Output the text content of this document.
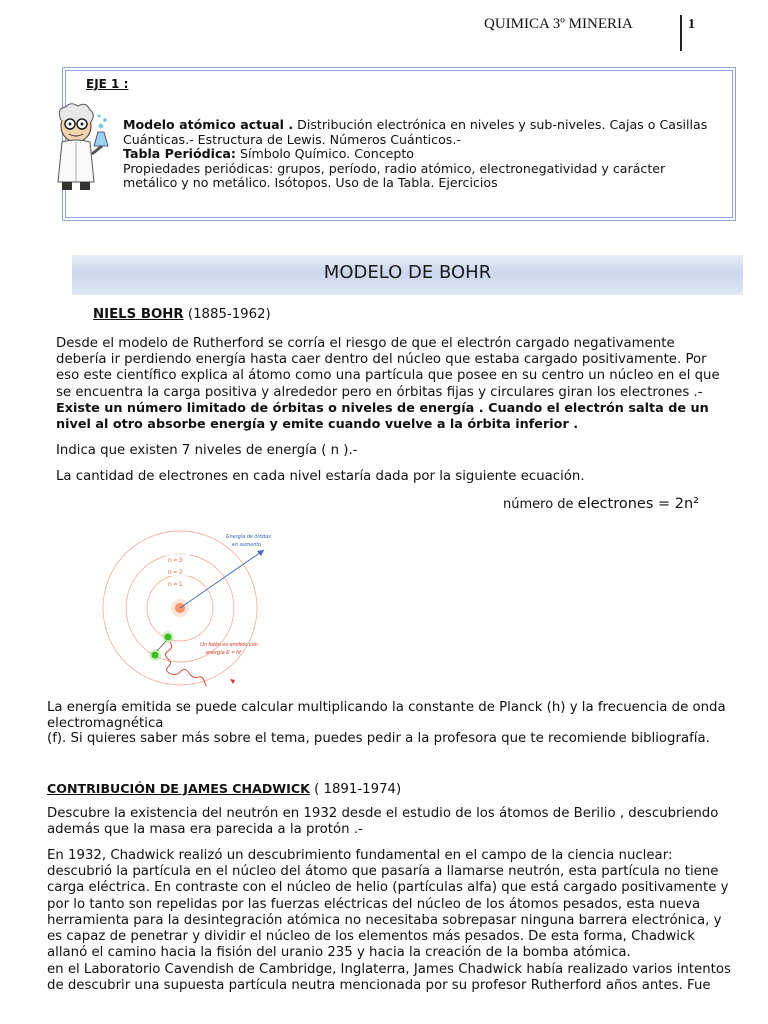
QUIMICA 3º MINERIA	1
EJE 1 :
Modelo atómico actual . Distribución electrónica en niveles y sub-niveles. Cajas o Casillas Cuánticas.- Estructura de Lewis. Números Cuánticos.-
Tabla Periódica: Símbolo Químico. Concepto
Propiedades periódicas: grupos, período, radio atómico, electronegatividad y carácter metálico y no metálico. Isótopos. Uso de la Tabla. Ejercicios
MODELO DE BOHR
NIELS BOHR (1885-1962)
Desde el modelo de Rutherford se corría el riesgo de que el electrón cargado negativamente debería ir perdiendo energía hasta caer dentro del núcleo que estaba cargado positivamente. Por eso este científico explica al átomo como una partícula que posee en su centro un núcleo en el que se encuentra la carga positiva y alrededor pero en órbitas fijas y circulares giran los electrones .-
Existe un número limitado de órbitas o niveles de energía . Cuando el electrón salta de un nivel al otro absorbe energía y emite cuando vuelve a la órbita inferior .
Indica que existen 7 niveles de energía ( n ).-
La cantidad de electrones en cada nivel estaría dada por la siguiente ecuación.
número de electrones = 2n²
n = 3
n = 2
n = 1
Energía de órbitas
en aumento
Un fotón es emitido con
energía E = hf
La energía emitida se puede calcular multiplicando la constante de Planck (h) y la frecuencia de onda electromagnética
(f). Si quieres saber más sobre el tema, puedes pedir a la profesora que te recomiende bibliografía.
CONTRIBUCIÓN DE JAMES CHADWICK ( 1891-1974)
Descubre la existencia del neutrón en 1932 desde el estudio de los átomos de Berilio , descubriendo además que la masa era parecida a la protón .-
En 1932, Chadwick realizó un descubrimiento fundamental en el campo de la ciencia nuclear: descubrió la partícula en el núcleo del átomo que pasaría a llamarse neutrón, esta partícula no tiene carga eléctrica. En contraste con el núcleo de helio (partículas alfa) que está cargado positivamente y por lo tanto son repelidas por las fuerzas eléctricas del núcleo de los átomos pesados, esta nueva herramienta para la desintegración atómica no necesitaba sobrepasar ninguna barrera electrónica, y es capaz de penetrar y dividir el núcleo de los elementos más pesados. De esta forma, Chadwick allanó el camino hacia la fisión del uranio 235 y hacia la creación de la bomba atómica.
en el Laboratorio Cavendish de Cambridge, Inglaterra, James Chadwick había realizado varios intentos de descubrir una supuesta partícula neutra mencionada por su profesor Rutherford años antes. Fue
